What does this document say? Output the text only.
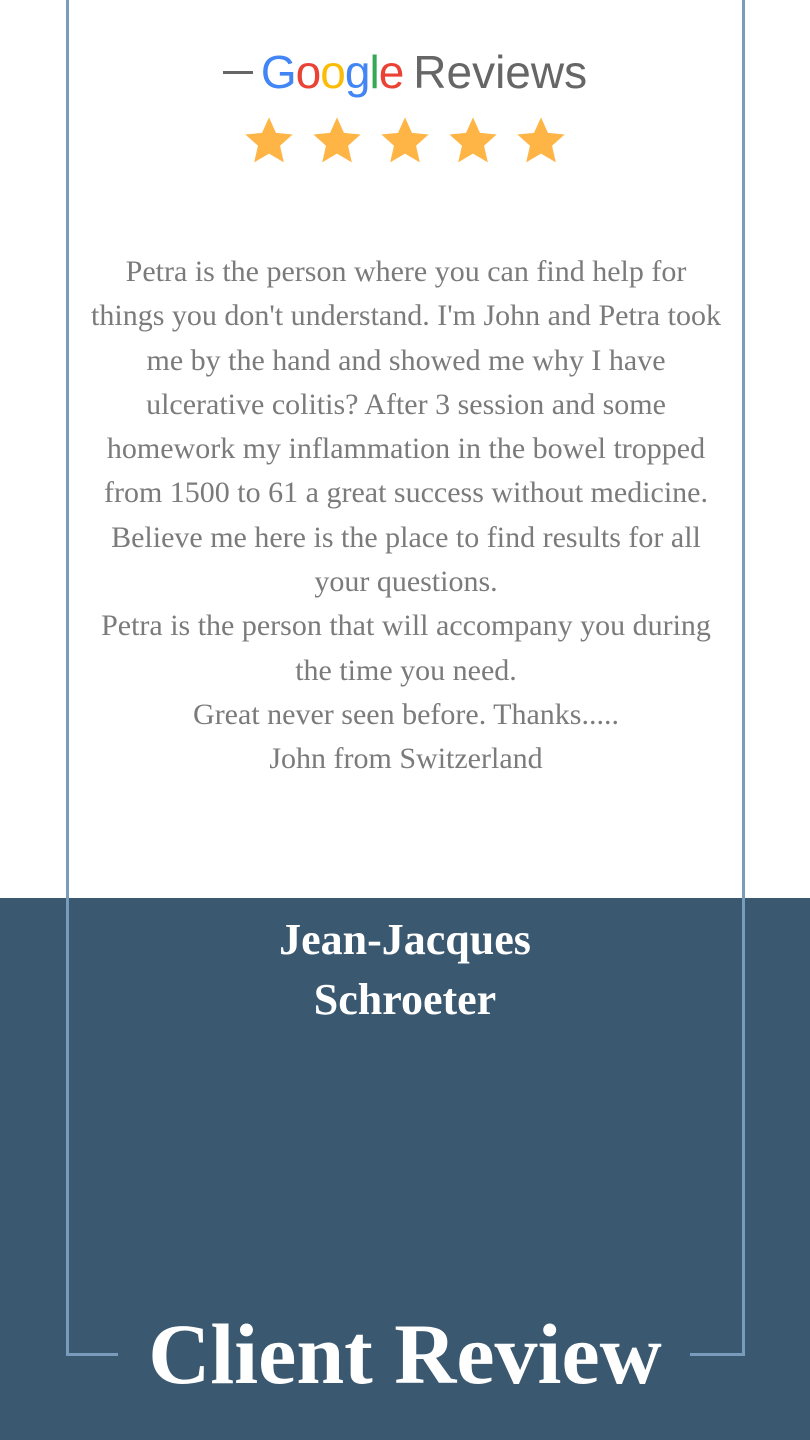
Google Reviews
Petra is the person where you can find help for things you don't understand. I'm John and Petra took me by the hand and showed me why I have ulcerative colitis? After 3 session and some homework my inflammation in the bowel tropped from 1500 to 61 a great success without medicine.
Believe me here is the place to find results for all your questions.
Petra is the person that will accompany you during the time you need.
Great never seen before. Thanks.....
John from Switzerland
Jean-Jacques
Schroeter
Client Review
